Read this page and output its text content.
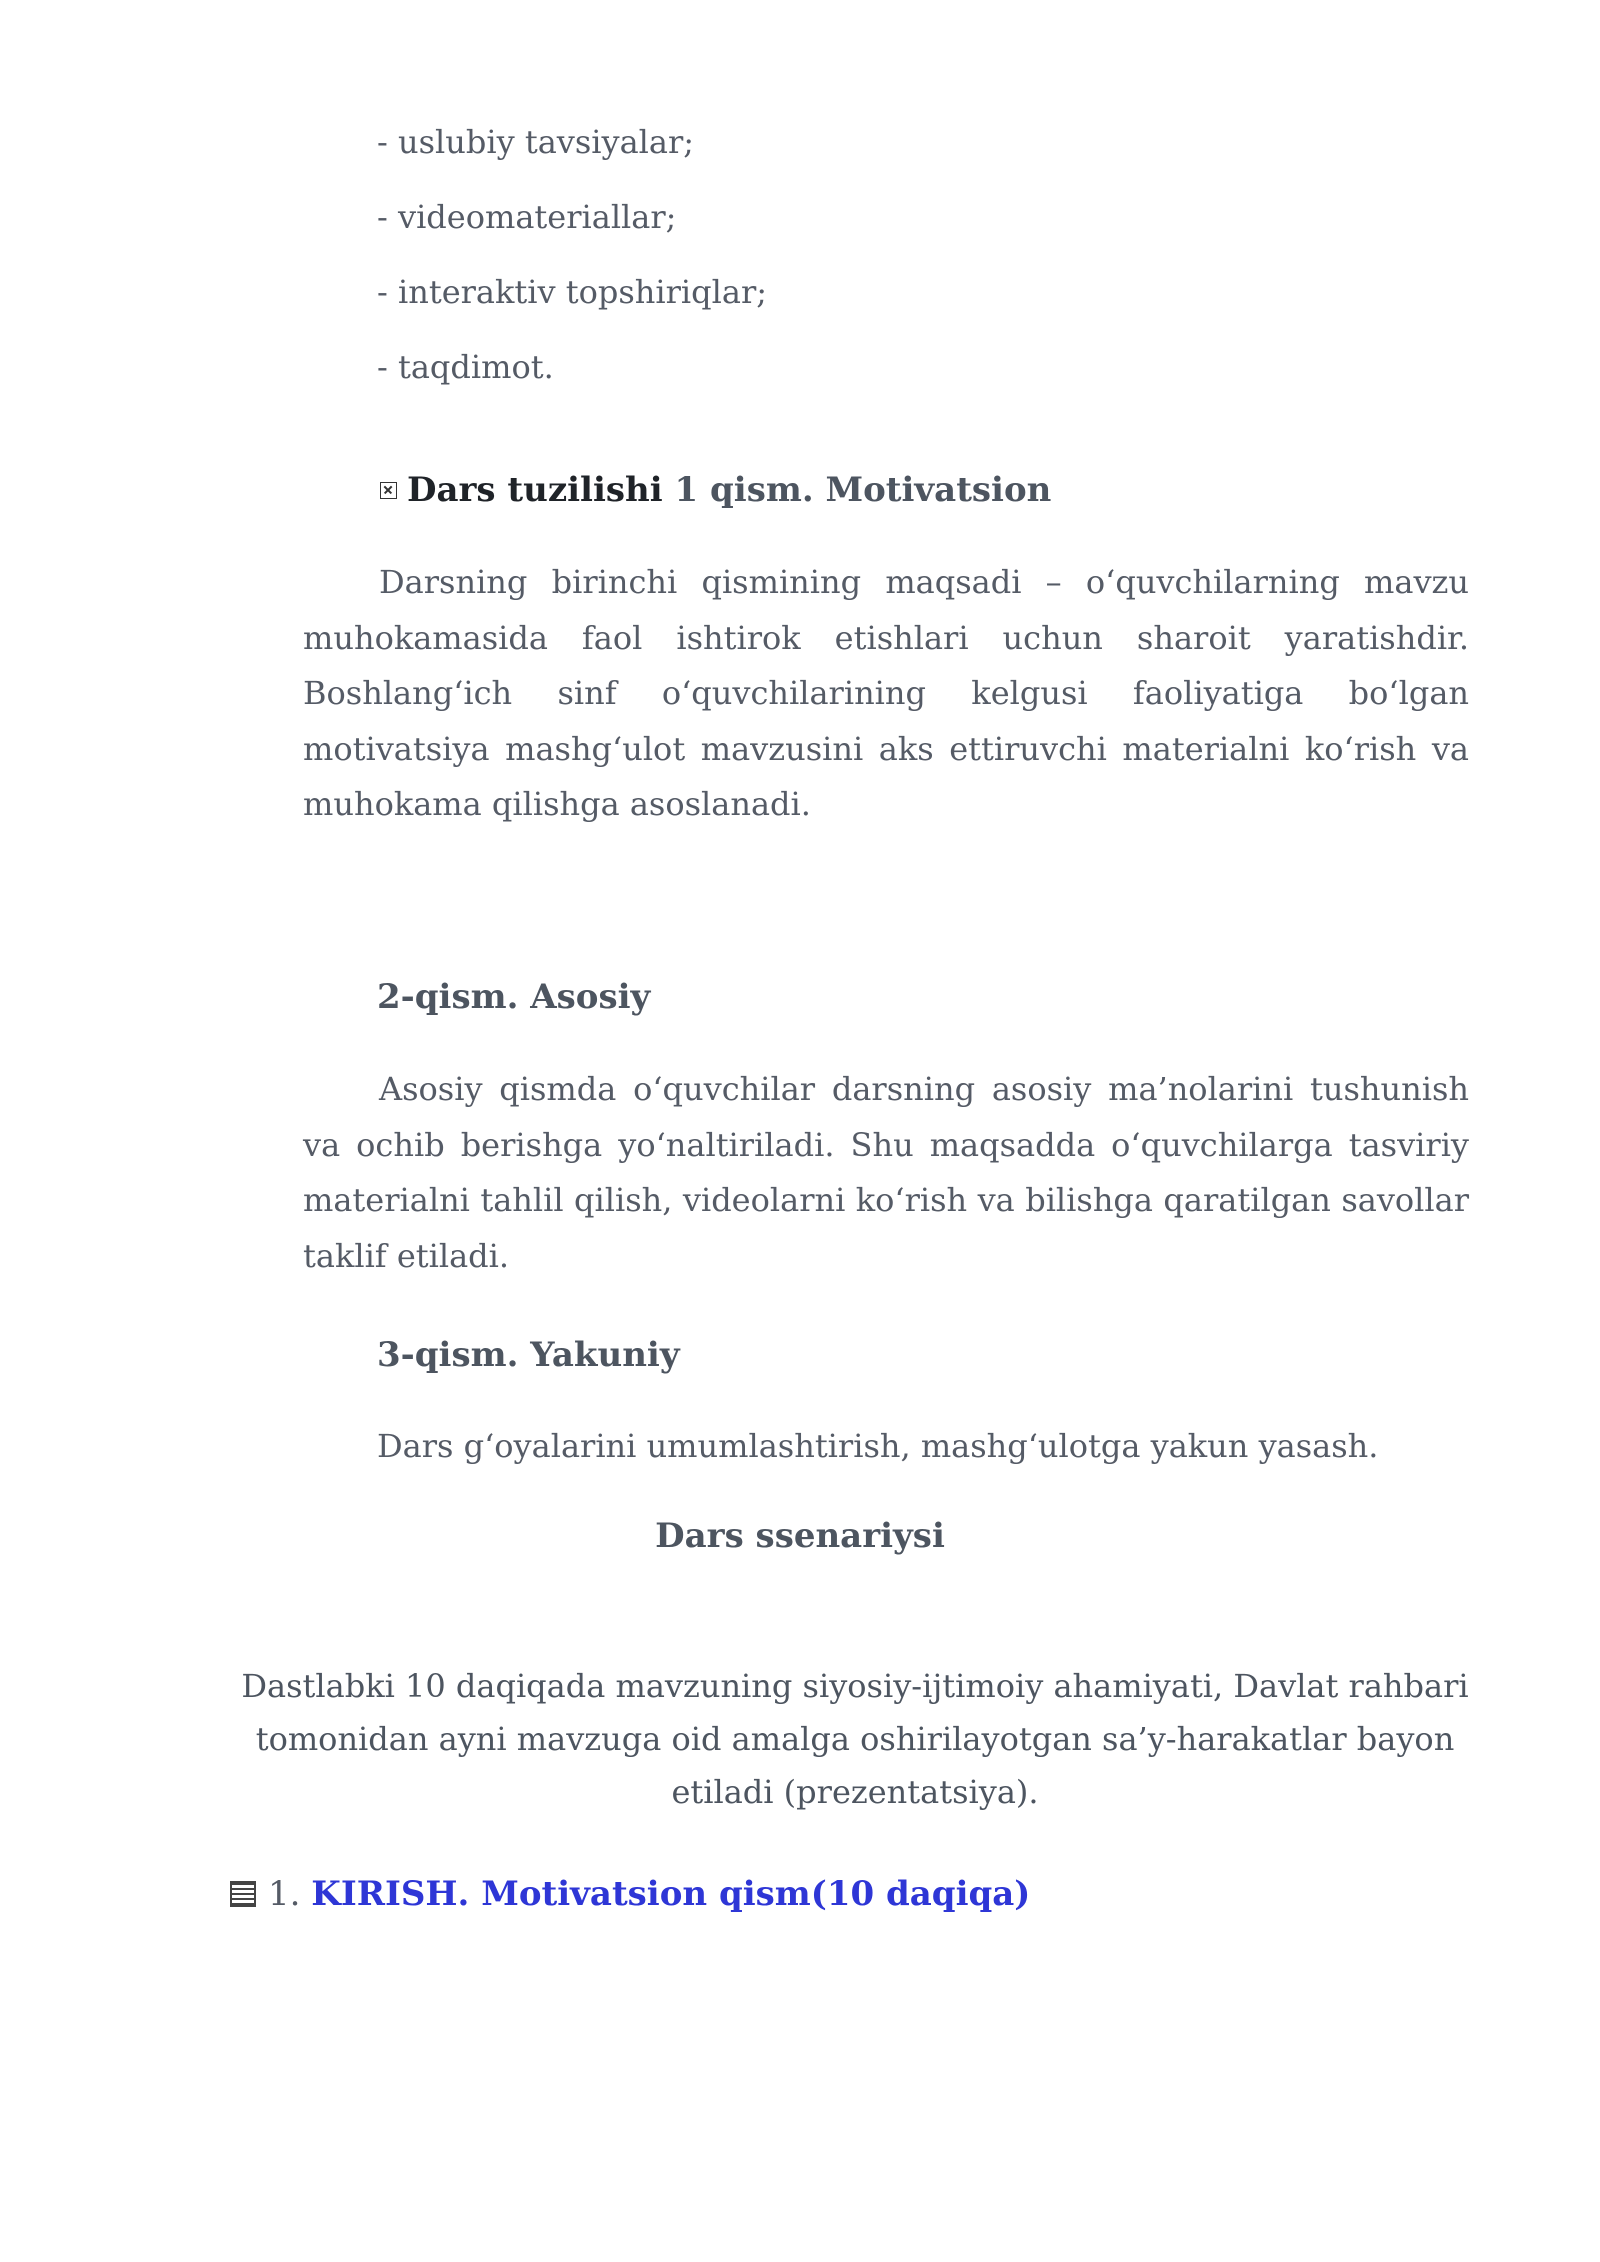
- uslubiy tavsiyalar;
- videomateriallar;
- interaktiv topshiriqlar;
- taqdimot.
Dars tuzilishi 1 qism. Motivatsion
Darsning birinchi qismining maqsadi – o‘quvchilarning mavzu muhokamasida faol ishtirok etishlari uchun sharoit yaratishdir. Boshlang‘ich sinf o‘quvchilarining kelgusi faoliyatiga bo‘lgan motivatsiya mashg‘ulot mavzusini aks ettiruvchi materialni ko‘rish va muhokama qilishga asoslanadi.
2-qism. Asosiy
Asosiy qismda o‘quvchilar darsning asosiy ma’nolarini tushunish va ochib berishga yo‘naltiriladi. Shu maqsadda o‘quvchilarga tasviriy materialni tahlil qilish, videolarni ko‘rish va bilishga qaratilgan savollar taklif etiladi.
3-qism. Yakuniy
Dars g‘oyalarini umumlashtirish, mashg‘ulotga yakun yasash.
Dars ssenariysi
Dastlabki 10 daqiqada mavzuning siyosiy-ijtimoiy ahamiyati, Davlat rahbari tomonidan ayni mavzuga oid amalga oshirilayotgan sa’y-harakatlar bayon etiladi (prezentatsiya).
1. KIRISH. Motivatsion qism(10 daqiqa)
